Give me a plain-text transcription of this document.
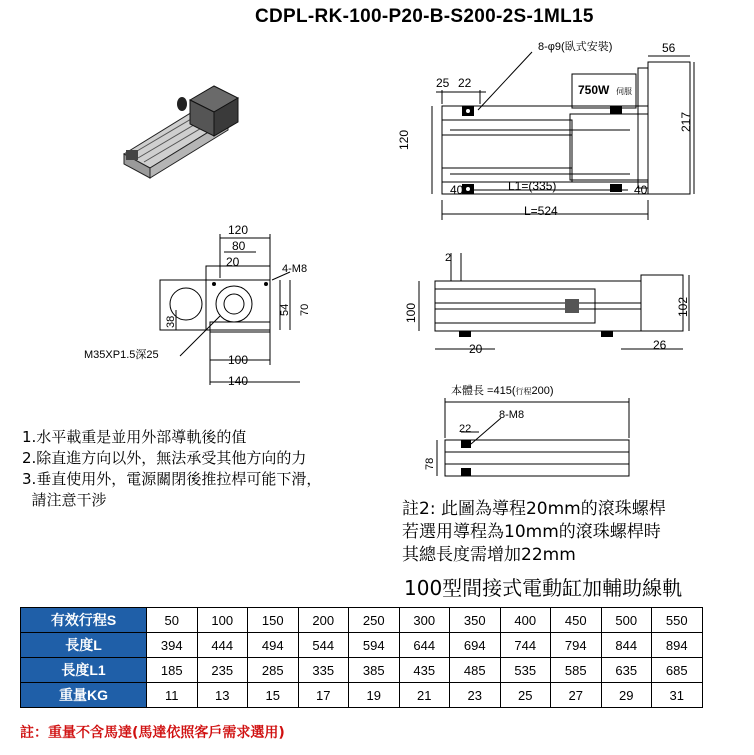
CDPL-RK-100-P20-B-S200-2S-1ML15
8-φ9(臥式安裝)	56
25 22	750W 伺服
120
217
40	L1=(335)	40
L=524
120
80
20	4-M8
38
54 70
M35XP1.5深25	100
140
2
100	102
20	26
本體長 =415(行程200)
8-M8
22
78
1.水平載重是並用外部導軌後的值
2.除直進方向以外，無法承受其他方向的力
3.垂直使用外，電源關閉後推拉桿可能下滑，
請注意干涉	註2: 此圖為導程20mm的滾珠螺桿
若選用導程為10mm的滾珠螺桿時
其總長度需增加22mm
100型間接式電動缸加輔助線軌
有效行程S	50	100	150	200	250	300	350	400	450	500	550
長度L	394	444	494	544	594	644	694	744	794	844	894
長度L1	185	235	285	335	385	435	485	535	585	635	685
重量KG	11	13	15	17	19	21	23	25	27	29	31
註：重量不含馬達(馬達依照客戶需求選用)
